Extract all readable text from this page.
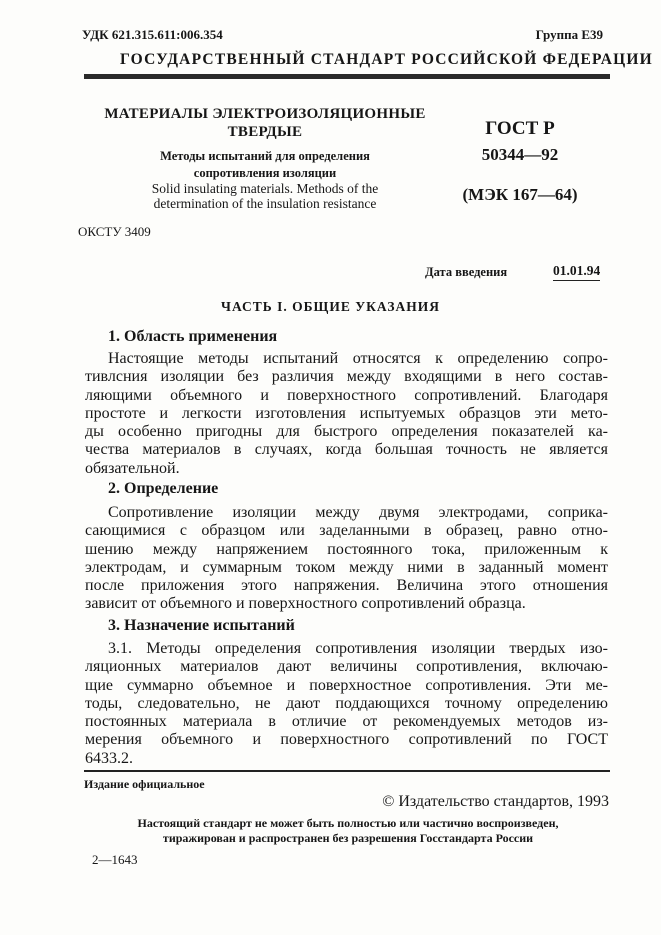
УДК 621.315.611:006.354	Группа Е39
ГОСУДАРСТВЕННЫЙ СТАНДАРТ РОССИЙСКОЙ ФЕДЕРАЦИИ
МАТЕРИАЛЫ ЭЛЕКТРОИЗОЛЯЦИОННЫЕ
ТВЕРДЫЕ
Методы испытаний для определения
сопротивления изоляции
Solid insulating materials. Methods of the
determination of the insulation resistance
ГОСТ Р
50344—92
(МЭК 167—64)
ОКСТУ 3409
Дата введения	01.01.94
ЧАСТЬ I. ОБЩИЕ УКАЗАНИЯ
1. Область применения
Настоящие методы испытаний относятся к определению сопро-
тивлсния изоляции без различия между входящими в него состав-
ляющими объемного и поверхностного сопротивлений. Благодаря
простоте и легкости изготовления испытуемых образцов эти мето-
ды особенно пригодны для быстрого определения показателей ка-
чества материалов в случаях, когда большая точность не является
обязательной.
2. Определение
Сопротивление изоляции между двумя электродами, соприка-
сающимися с образцом или заделанными в образец, равно отно-
шению между напряжением постоянного тока, приложенным к
электродам, и суммарным током между ними в заданный момент
после приложения этого напряжения. Величина этого отношения
зависит от объемного и поверхностного сопротивлений образца.
3. Назначение испытаний
3.1. Методы определения сопротивления изоляции твердых изо-
ляционных материалов дают величины сопротивления, включаю-
щие суммарно объемное и поверхностное сопротивления. Эти ме-
тоды, следовательно, не дают поддающихся точному определению
постоянных материала в отличие от рекомендуемых методов из-
мерения объемного и поверхностного сопротивлений по ГОСТ
6433.2.
Издание официальное
© Издательство стандартов, 1993
Настоящий стандарт не может быть полностью или частично воспроизведен,
тиражирован и распространен без разрешения Госстандарта России
2—1643
